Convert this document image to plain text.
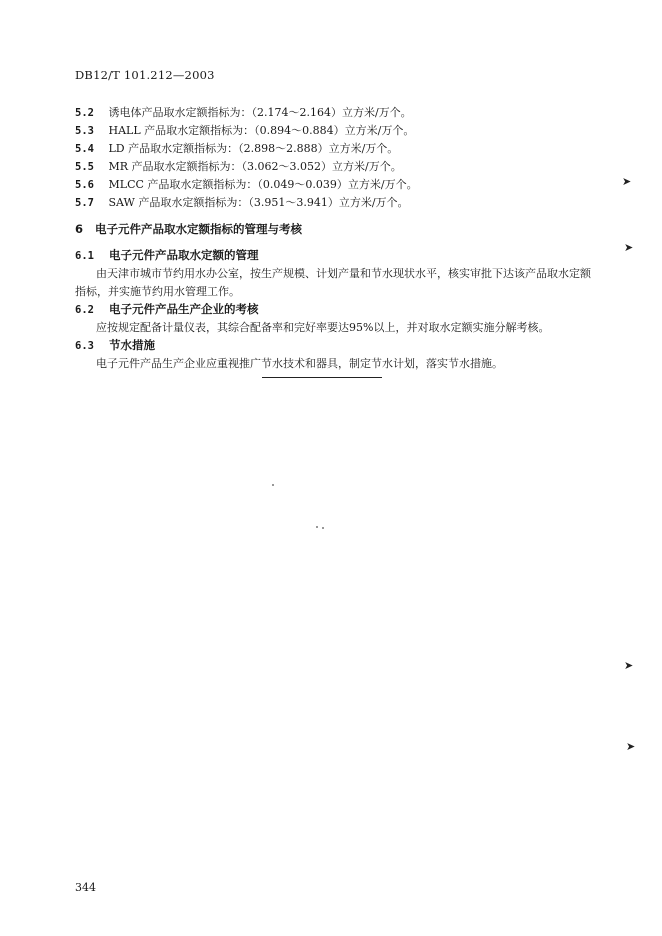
DB12/T 101.212—2003
5.2 诱电体产品取水定额指标为：（2.174～2.164）立方米/万个。
5.3 HALL 产品取水定额指标为：（0.894～0.884）立方米/万个。
5.4 LD 产品取水定额指标为：（2.898～2.888）立方米/万个。
5.5 MR 产品取水定额指标为：（3.062～3.052）立方米/万个。
5.6 MLCC 产品取水定额指标为：（0.049～0.039）立方米/万个。
5.7 SAW 产品取水定额指标为：（3.951～3.941）立方米/万个。
6 电子元件产品取水定额指标的管理与考核
6.1 电子元件产品取水定额的管理
由天津市城市节约用水办公室，按生产规模、计划产量和节水现状水平，核实审批下达该产品取水定额
指标，并实施节约用水管理工作。
6.2 电子元件产品生产企业的考核
应按规定配备计量仪表，其综合配备率和完好率要达95%以上，并对取水定额实施分解考核。
6.3 节水措施
电子元件产品生产企业应重视推广节水技术和器具，制定节水计划，落实节水措施。
➤
➤
➤
➤
344
